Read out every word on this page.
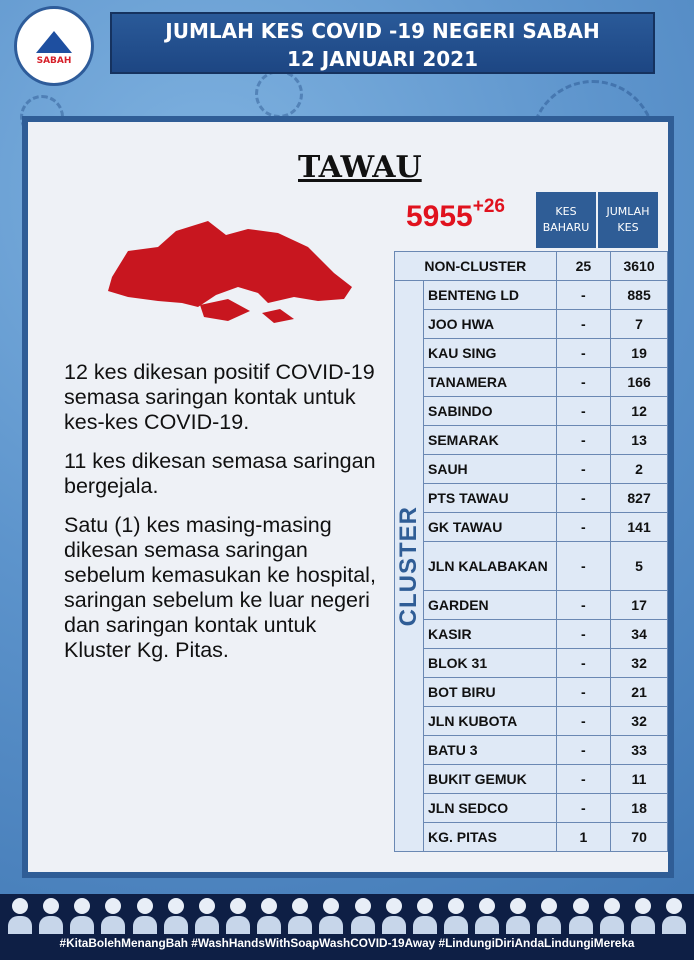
SABAH
JUMLAH KES COVID -19 NEGERI SABAH
12 JANUARI 2021
TAWAU

12 kes dikesan positif COVID-19 semasa saringan kontak untuk kes-kes COVID-19.

11 kes dikesan semasa saringan bergejala.

Satu (1) kes masing-masing dikesan semasa saringan sebelum kemasukan ke hospital, saringan sebelum ke luar negeri dan saringan kontak untuk Kluster Kg. Pitas.

$5955^{+26}$	KES BAHARU
JUMLAH KES
NON-CLUSTER		25	3610

CLUSTER	BENTENG LD	-	885
	JOO HWA	-	7
	KAU SING	-	19
	TANAMERA	-	166
	SABINDO	-	12
	SEMARAK	-	13
	SAUH	-	2
	PTS TAWAU	-	827
	GK TAWAU	-	141
	JLN KALABAKAN	-	5
	GARDEN	-	17
	KASIR	-	34
	BLOK 31	-	32
	BOT BIRU	-	21
	JLN KUBOTA	-	32
	BATU 3	-	33
	BUKIT GEMUK	-	11
	JLN SEDCO	-	18
	KG. PITAS	1	70
#KitaBolehMenangBah #WashHandsWithSoapWashCOVID-19Away #LindungiDiriAndaLindungiMereka
